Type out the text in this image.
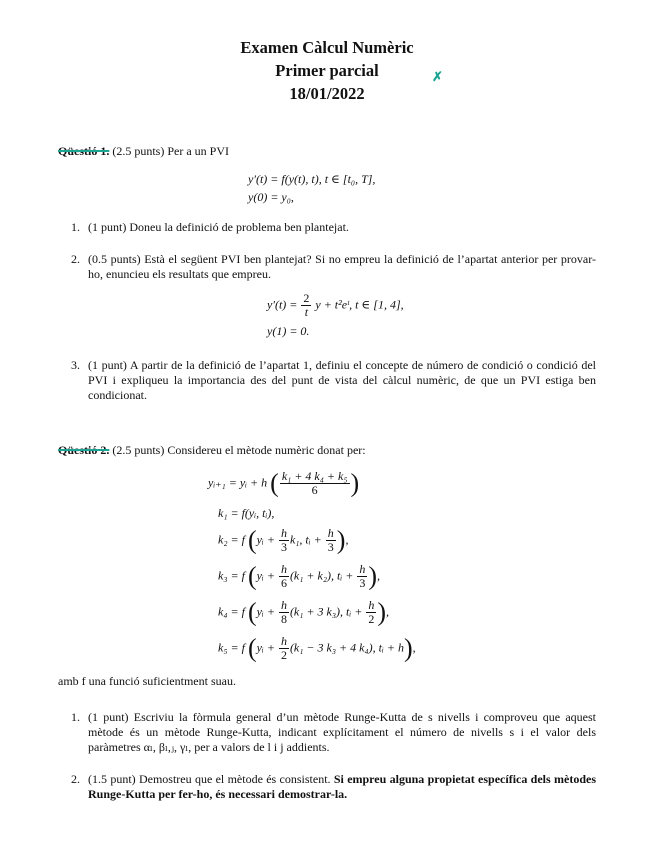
Examen Càlcul Numèric
Primer parcial
18/01/2022
✗
Qüestió 1. (2.5 punts) Per a un PVI
y′(t) = f(y(t), t), t ∈ [t₀, T],
y(0) = y₀,
1. (1 punt) Doneu la definició de problema ben plantejat.
2. (0.5 punts) Està el següent PVI ben plantejat? Si no empreu la definició de l’apartat anterior per provar-ho, enuncieu els resultats que empreu.
$y'(t) = \frac{2}{t}$ y + t²eᵗ, t ∈ [1, 4],
y(1) = 0.
3. (1 punt) A partir de la definició de l’apartat 1, definiu el concepte de número de condició o condició del PVI i expliqueu la importancia des del punt de vista del càlcul numèric, de que un PVI estiga ben condicionat.
Qüestió 2. (2.5 punts) Considereu el mètode numèric donat per:
yᵢ₊₁ = yᵢ + h ( $\frac{\text{k₁ + 4 k₄ + k₅}}{6}$ )
k₁ = f(yᵢ, tᵢ),
k₂ = f (yᵢ + $\frac{h}{3} k_1$, tᵢ + $\frac{h}{3}$ ),
k₃ = f (yᵢ + $\frac{h}{6} (k_1 + k_2)$, tᵢ + $\frac{h}{3}$ ),
k₄ = f (yᵢ + $\frac{h}{8} (k_1 + 3$ k₃), tᵢ + $\frac{h}{2}$ ),
k₅ = f (yᵢ + $\frac{h}{2} (k_1 - 3$ k₃ + 4 k₄), tᵢ + h),
amb f una funció suficientment suau.
1. (1 punt) Escriviu la fòrmula general d’un mètode Runge-Kutta de s nivells i comproveu que aquest mètode és un mètode Runge-Kutta, indicant explícitament el número de nivells s i el valor dels paràmetres αₗ, βₗ,ⱼ, γₗ, per a valors de l i j addients.
2. (1.5 punt) Demostreu que el mètode és consistent. Si empreu alguna propietat específica dels mètodes Runge-Kutta per fer-ho, és necessari demostrar-la.
